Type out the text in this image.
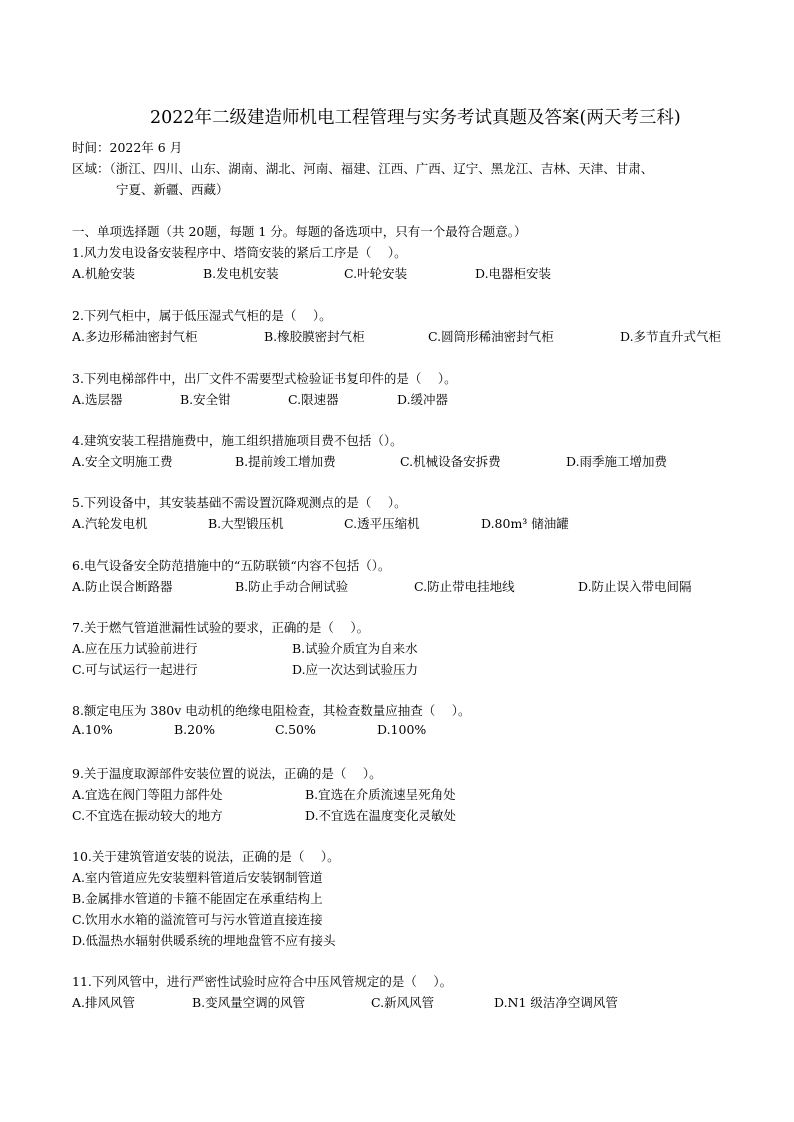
2022年二级建造师机电工程管理与实务考试真题及答案(两天考三科)
时间：2022年 6 月
区域：（浙江、四川、山东、湖南、湖北、河南、福建、江西、广西、辽宁、黑龙江、吉林、天津、甘肃、
宁夏、新疆、西藏）
一、单项选择题（共 20题，每题 1 分。每题的备选项中，只有一个最符合题意。）
1.风力发电设备安装程序中、塔筒安装的紧后工序是（　 ）。
A.机舱安装	B.发电机安装	C.叶轮安装	D.电器柜安装
2.下列气柜中，属于低压湿式气柜的是（　 ）。
A.多边形稀油密封气柜	B.橡胶膜密封气柜	C.圆筒形稀油密封气柜	D.多节直升式气柜
3.下列电梯部件中，出厂文件不需要型式检验证书复印件的是（　 ）。
A.选层器	B.安全钳	C.限速器	D.缓冲器
4.建筑安装工程措施费中，施工组织措施项目费不包括（）。
A.安全文明施工费	B.提前竣工增加费	C.机械设备安拆费	D.雨季施工增加费
5.下列设备中，其安装基础不需设置沉降观测点的是（　 ）。
A.汽轮发电机	B.大型锻压机	C.透平压缩机	D.80m³ 储油罐
6.电气设备安全防范措施中的“五防联锁“内容不包括（）。
A.防止误合断路器	B.防止手动合闸试验	C.防止带电挂地线	D.防止误入带电间隔
7.关于燃气管道泄漏性试验的要求，正确的是（　 ）。
A.应在压力试验前进行	B.试验介质宜为自来水
C.可与试运行一起进行	D.应一次达到试验压力
8.额定电压为 380v 电动机的绝缘电阻检查，其检查数量应抽查（　 ）。
A.10%	B.20%	C.50%	D.100%
9.关于温度取源部件安装位置的说法，正确的是（　 ）。
A.宜选在阀门等阻力部件处	B.宜选在介质流速呈死角处
C.不宜选在振动较大的地方	D.不宜选在温度变化灵敏处
10.关于建筑管道安装的说法，正确的是（　 ）。
A.室内管道应先安装塑料管道后安装钢制管道
B.金属排水管道的卡箍不能固定在承重结构上
C.饮用水水箱的溢流管可与污水管道直接连接
D.低温热水辐射供暖系统的埋地盘管不应有接头
11.下列风管中，进行严密性试验时应符合中压风管规定的是（　 ）。
A.排风风管	B.变风量空调的风管	C.新风风管	D.N1 级洁净空调风管
